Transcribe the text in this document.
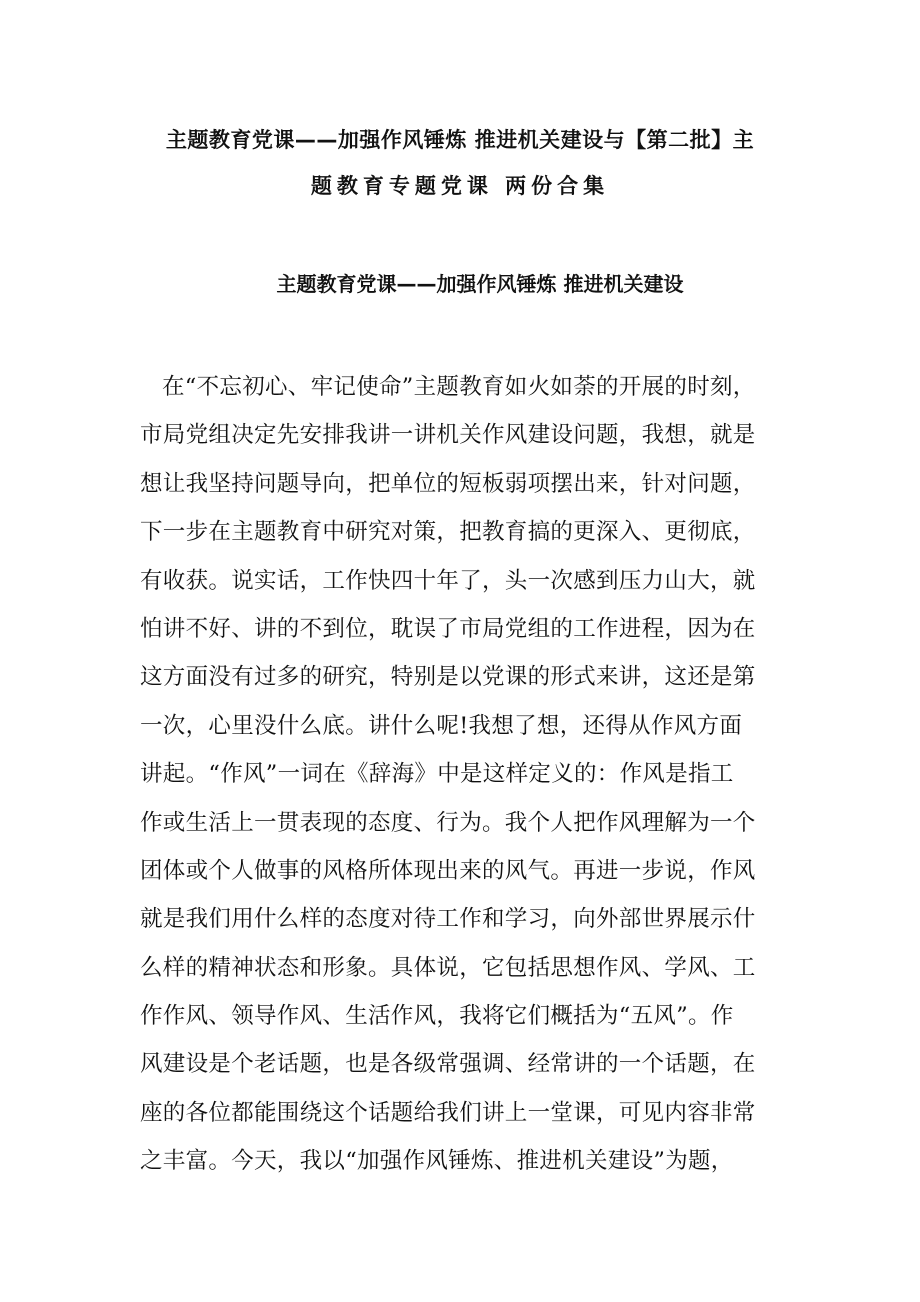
主题教育党课——加强作风锤炼 推进机关建设与【第二批】主
题教育专题党课 两份合集
主题教育党课——加强作风锤炼 推进机关建设
在“不忘初心、牢记使命”主题教育如火如荼的开展的时刻，
市局党组决定先安排我讲一讲机关作风建设问题，我想，就是
想让我坚持问题导向，把单位的短板弱项摆出来，针对问题，
下一步在主题教育中研究对策，把教育搞的更深入、更彻底，
有收获。说实话，工作快四十年了，头一次感到压力山大，就
怕讲不好、讲的不到位，耽误了市局党组的工作进程，因为在
这方面没有过多的研究，特别是以党课的形式来讲，这还是第
一次，心里没什么底。讲什么呢!我想了想，还得从作风方面
讲起。“作风”一词在《辞海》中是这样定义的：作风是指工
作或生活上一贯表现的态度、行为。我个人把作风理解为一个
团体或个人做事的风格所体现出来的风气。再进一步说，作风
就是我们用什么样的态度对待工作和学习，向外部世界展示什
么样的精神状态和形象。具体说，它包括思想作风、学风、工
作作风、领导作风、生活作风，我将它们概括为“五风”。作
风建设是个老话题，也是各级常强调、经常讲的一个话题，在
座的各位都能围绕这个话题给我们讲上一堂课，可见内容非常
之丰富。今天，我以“加强作风锤炼、推进机关建设”为题，
